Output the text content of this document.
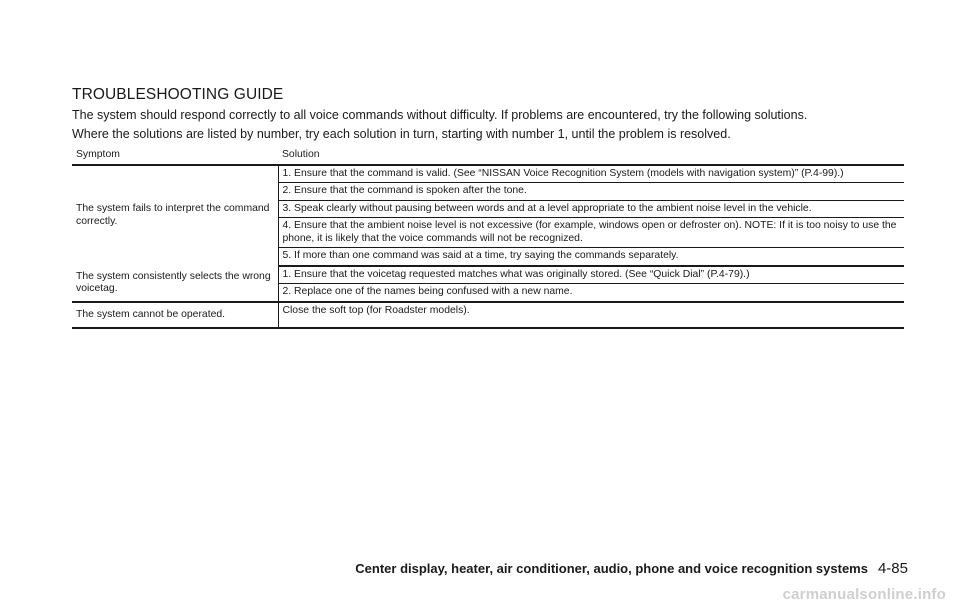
TROUBLESHOOTING GUIDE

The system should respond correctly to all voice commands without difficulty. If problems are encountered, try the following solutions.

Where the solutions are listed by number, try each solution in turn, starting with number 1, until the problem is resolved.

Symptom	Solution
The system fails to interpret the command correctly.	1. Ensure that the command is valid. (See “NISSAN Voice Recognition System (models with navigation system)” (P.4-99).)
	2. Ensure that the command is spoken after the tone.
	3. Speak clearly without pausing between words and at a level appropriate to the ambient noise level in the vehicle.
	4. Ensure that the ambient noise level is not excessive (for example, windows open or defroster on). NOTE: If it is too noisy to use the phone, it is likely that the voice commands will not be recognized.
	5. If more than one command was said at a time, try saying the commands separately.
The system consistently selects the wrong voicetag.	1. Ensure that the voicetag requested matches what was originally stored. (See “Quick Dial” (P.4-79).)
	2. Replace one of the names being confused with a new name.
The system cannot be operated.	Close the soft top (for Roadster models).
Center display, heater, air conditioner, audio, phone and voice recognition systems 4-85
carmanualsonline.info
